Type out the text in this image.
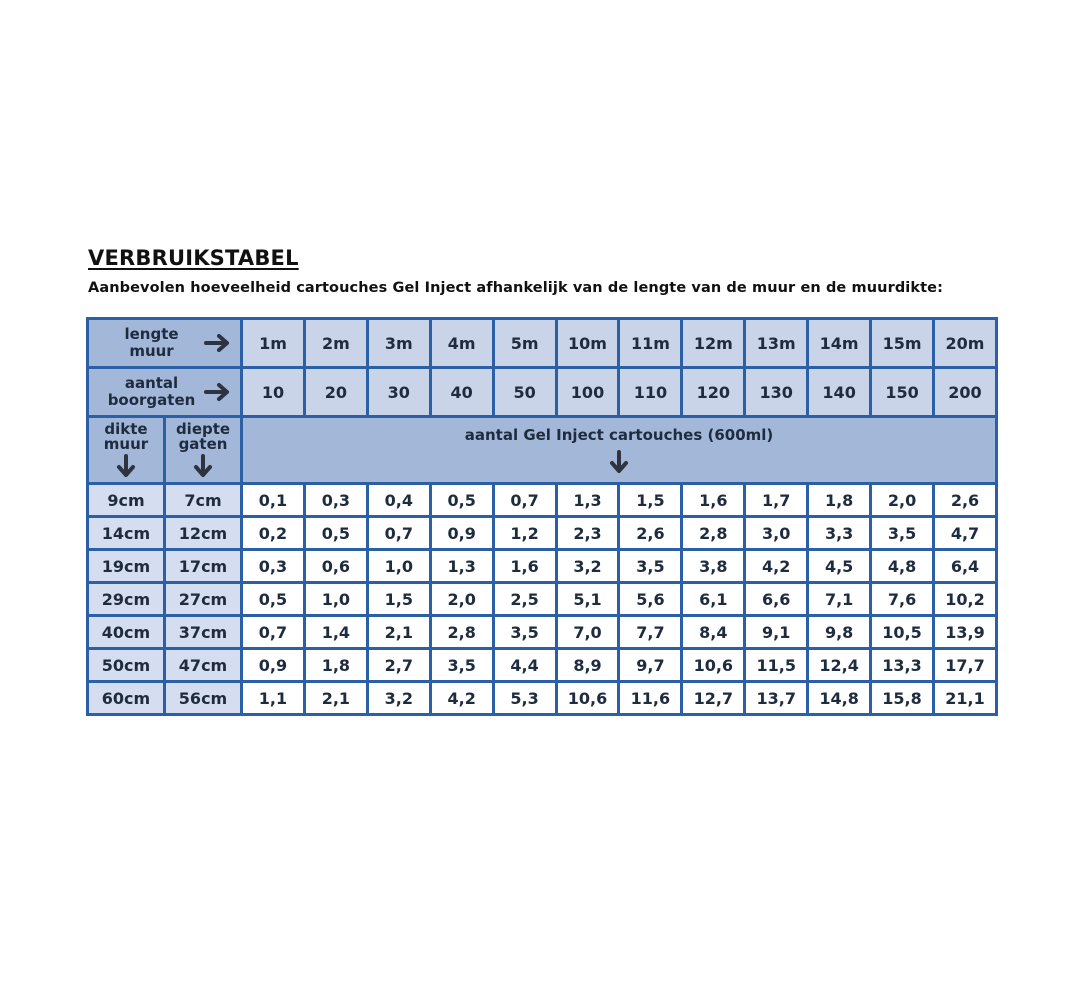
VERBRUIKSTABEL

Aanbevolen hoeveelheid cartouches Gel Inject afhankelijk van de lengte van de muur en de muurdikte:

lengte
muur		1m	2m	3m	4m	5m	10m	11m	12m	13m	14m	15m	20m

aantal
boorgaten		10	20	30	40	50	100	110	120	130	140	150	200

dikte
muur	diepte
gaten	aantal Gel Inject cartouches (600ml)											

9cm	7cm	0,1	0,3	0,4	0,5	0,7	1,3	1,5	1,6	1,7	1,8	2,0	2,6
14cm	12cm	0,2	0,5	0,7	0,9	1,2	2,3	2,6	2,8	3,0	3,3	3,5	4,7
19cm	17cm	0,3	0,6	1,0	1,3	1,6	3,2	3,5	3,8	4,2	4,5	4,8	6,4
29cm	27cm	0,5	1,0	1,5	2,0	2,5	5,1	5,6	6,1	6,6	7,1	7,6	10,2
40cm	37cm	0,7	1,4	2,1	2,8	3,5	7,0	7,7	8,4	9,1	9,8	10,5	13,9
50cm	47cm	0,9	1,8	2,7	3,5	4,4	8,9	9,7	10,6	11,5	12,4	13,3	17,7
60cm	56cm	1,1	2,1	3,2	4,2	5,3	10,6	11,6	12,7	13,7	14,8	15,8	21,1
